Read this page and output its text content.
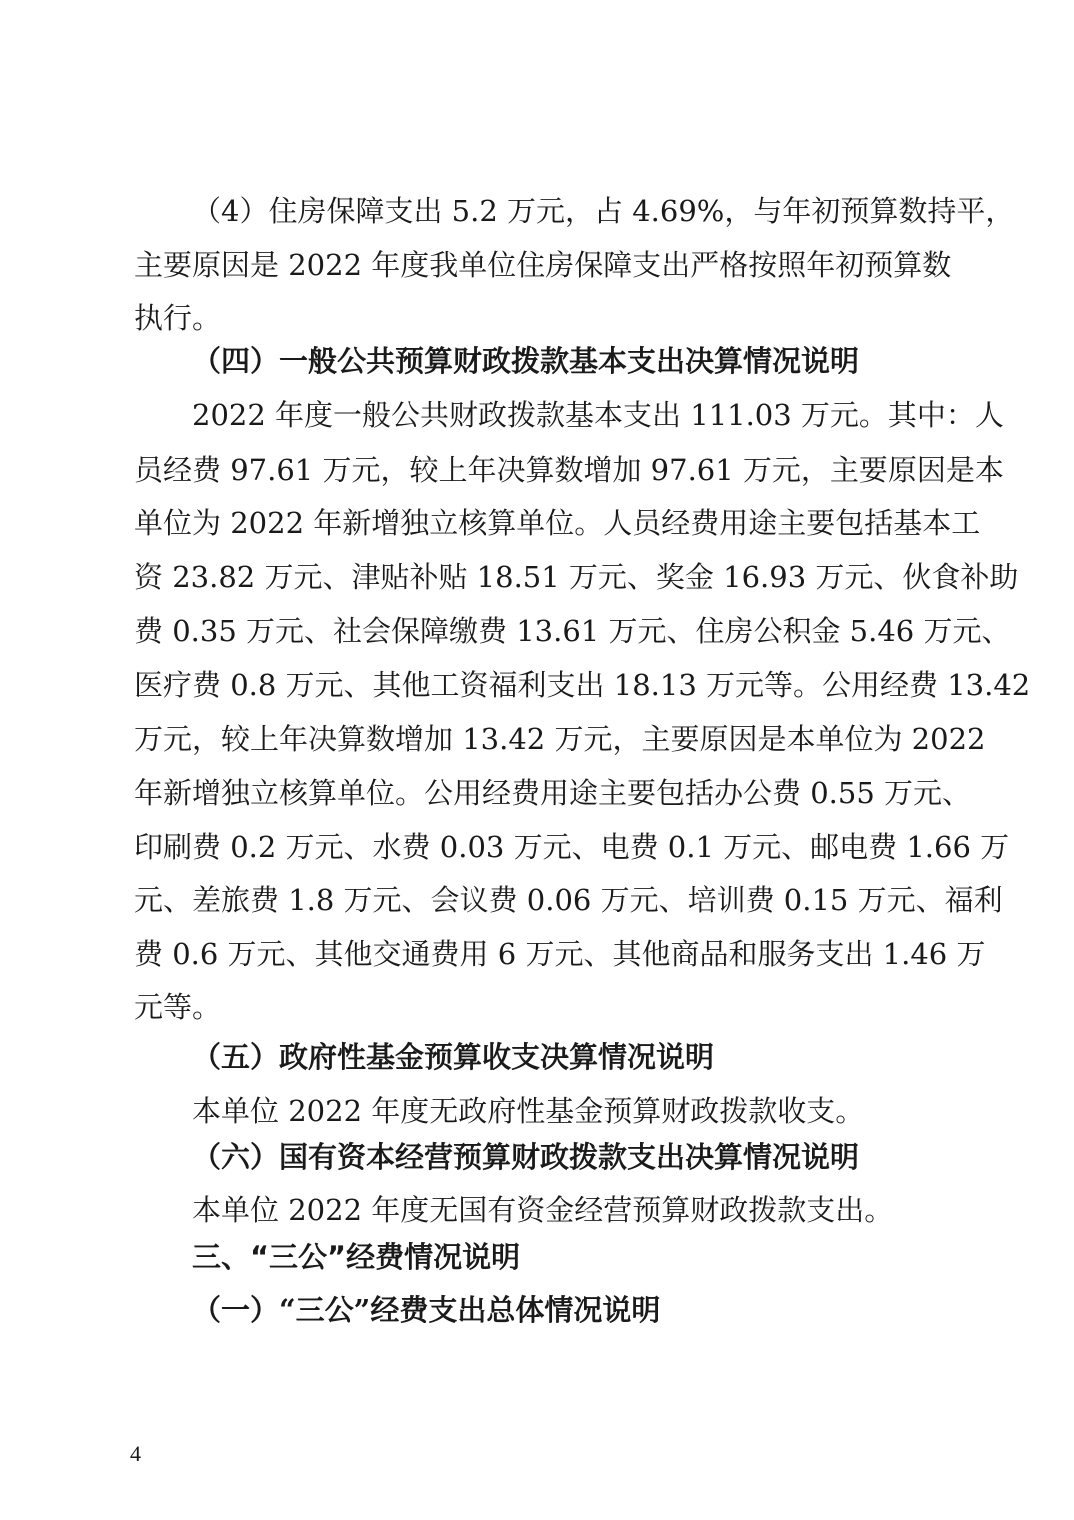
（4）住房保障支出 5.2 万元，占 4.69%，与年初预算数持平，
主要原因是 2022 年度我单位住房保障支出严格按照年初预算数
执行。
（四）一般公共预算财政拨款基本支出决算情况说明
2022 年度一般公共财政拨款基本支出 111.03 万元。其中：人
员经费 97.61 万元，较上年决算数增加 97.61 万元，主要原因是本
单位为 2022 年新增独立核算单位。人员经费用途主要包括基本工
资 23.82 万元、津贴补贴 18.51 万元、奖金 16.93 万元、伙食补助
费 0.35 万元、社会保障缴费 13.61 万元、住房公积金 5.46 万元、
医疗费 0.8 万元、其他工资福利支出 18.13 万元等。公用经费 13.42
万元，较上年决算数增加 13.42 万元，主要原因是本单位为 2022
年新增独立核算单位。公用经费用途主要包括办公费 0.55 万元、
印刷费 0.2 万元、水费 0.03 万元、电费 0.1 万元、邮电费 1.66 万
元、差旅费 1.8 万元、会议费 0.06 万元、培训费 0.15 万元、福利
费 0.6 万元、其他交通费用 6 万元、其他商品和服务支出 1.46 万
元等。
（五）政府性基金预算收支决算情况说明
本单位 2022 年度无政府性基金预算财政拨款收支。
（六）国有资本经营预算财政拨款支出决算情况说明
本单位 2022 年度无国有资金经营预算财政拨款支出。
三、“三公”经费情况说明
（一）“三公”经费支出总体情况说明
4
